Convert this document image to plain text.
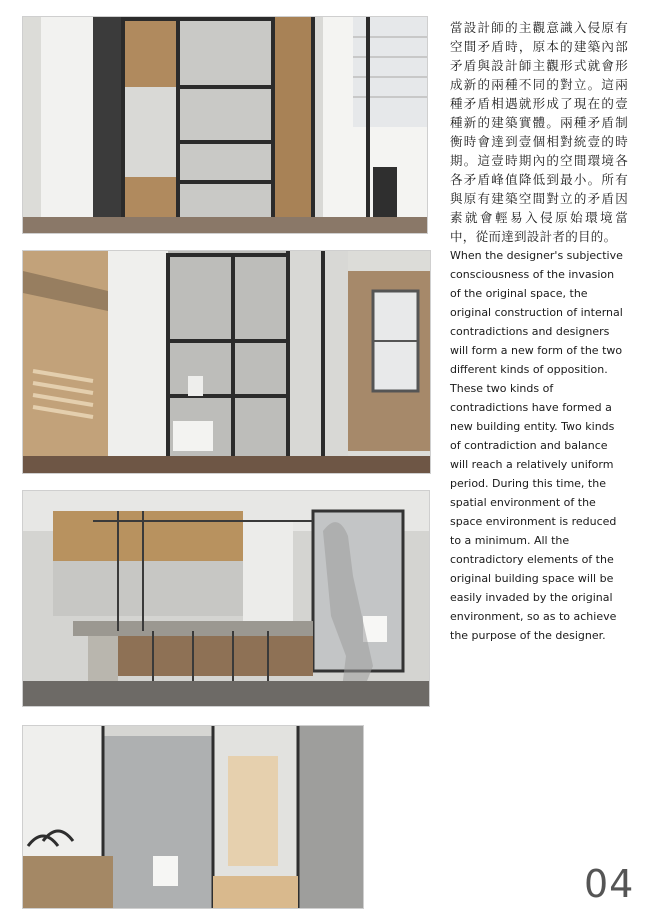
當設計師的主觀意識入侵原有空間矛盾時，原本的建築內部矛盾與設計師主觀形式就會形成新的兩種不同的對立。這兩種矛盾相遇就形成了現在的壹種新的建築實體。兩種矛盾制衡時會達到壹個相對統壹的時期。這壹時期內的空間環境各各矛盾峰值降低到最小。所有與原有建築空間對立的矛盾因素就會輕易入侵原始環境當中，從而達到設計者的目的。

When the designer's subjective consciousness of the invasion of the original space, the original construction of internal contradictions and designers will form a new form of the two different kinds of opposition. These two kinds of contradictions have formed a new building entity. Two kinds of contradiction and balance will reach a relatively uniform period. During this time, the spatial environment of the space environment is reduced to a minimum. All the contradictory elements of the original building space will be easily invaded by the original environment, so as to achieve the purpose of the designer.

04
